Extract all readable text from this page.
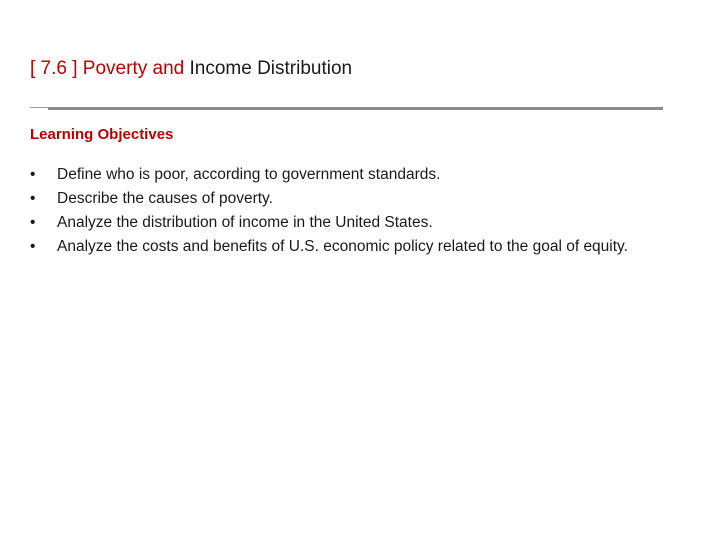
[ 7.6 ] Poverty and Income Distribution
Learning Objectives
• Define who is poor, according to government standards.
• Describe the causes of poverty.
• Analyze the distribution of income in the United States.
• Analyze the costs and benefits of U.S. economic policy related to the goal of equity.
